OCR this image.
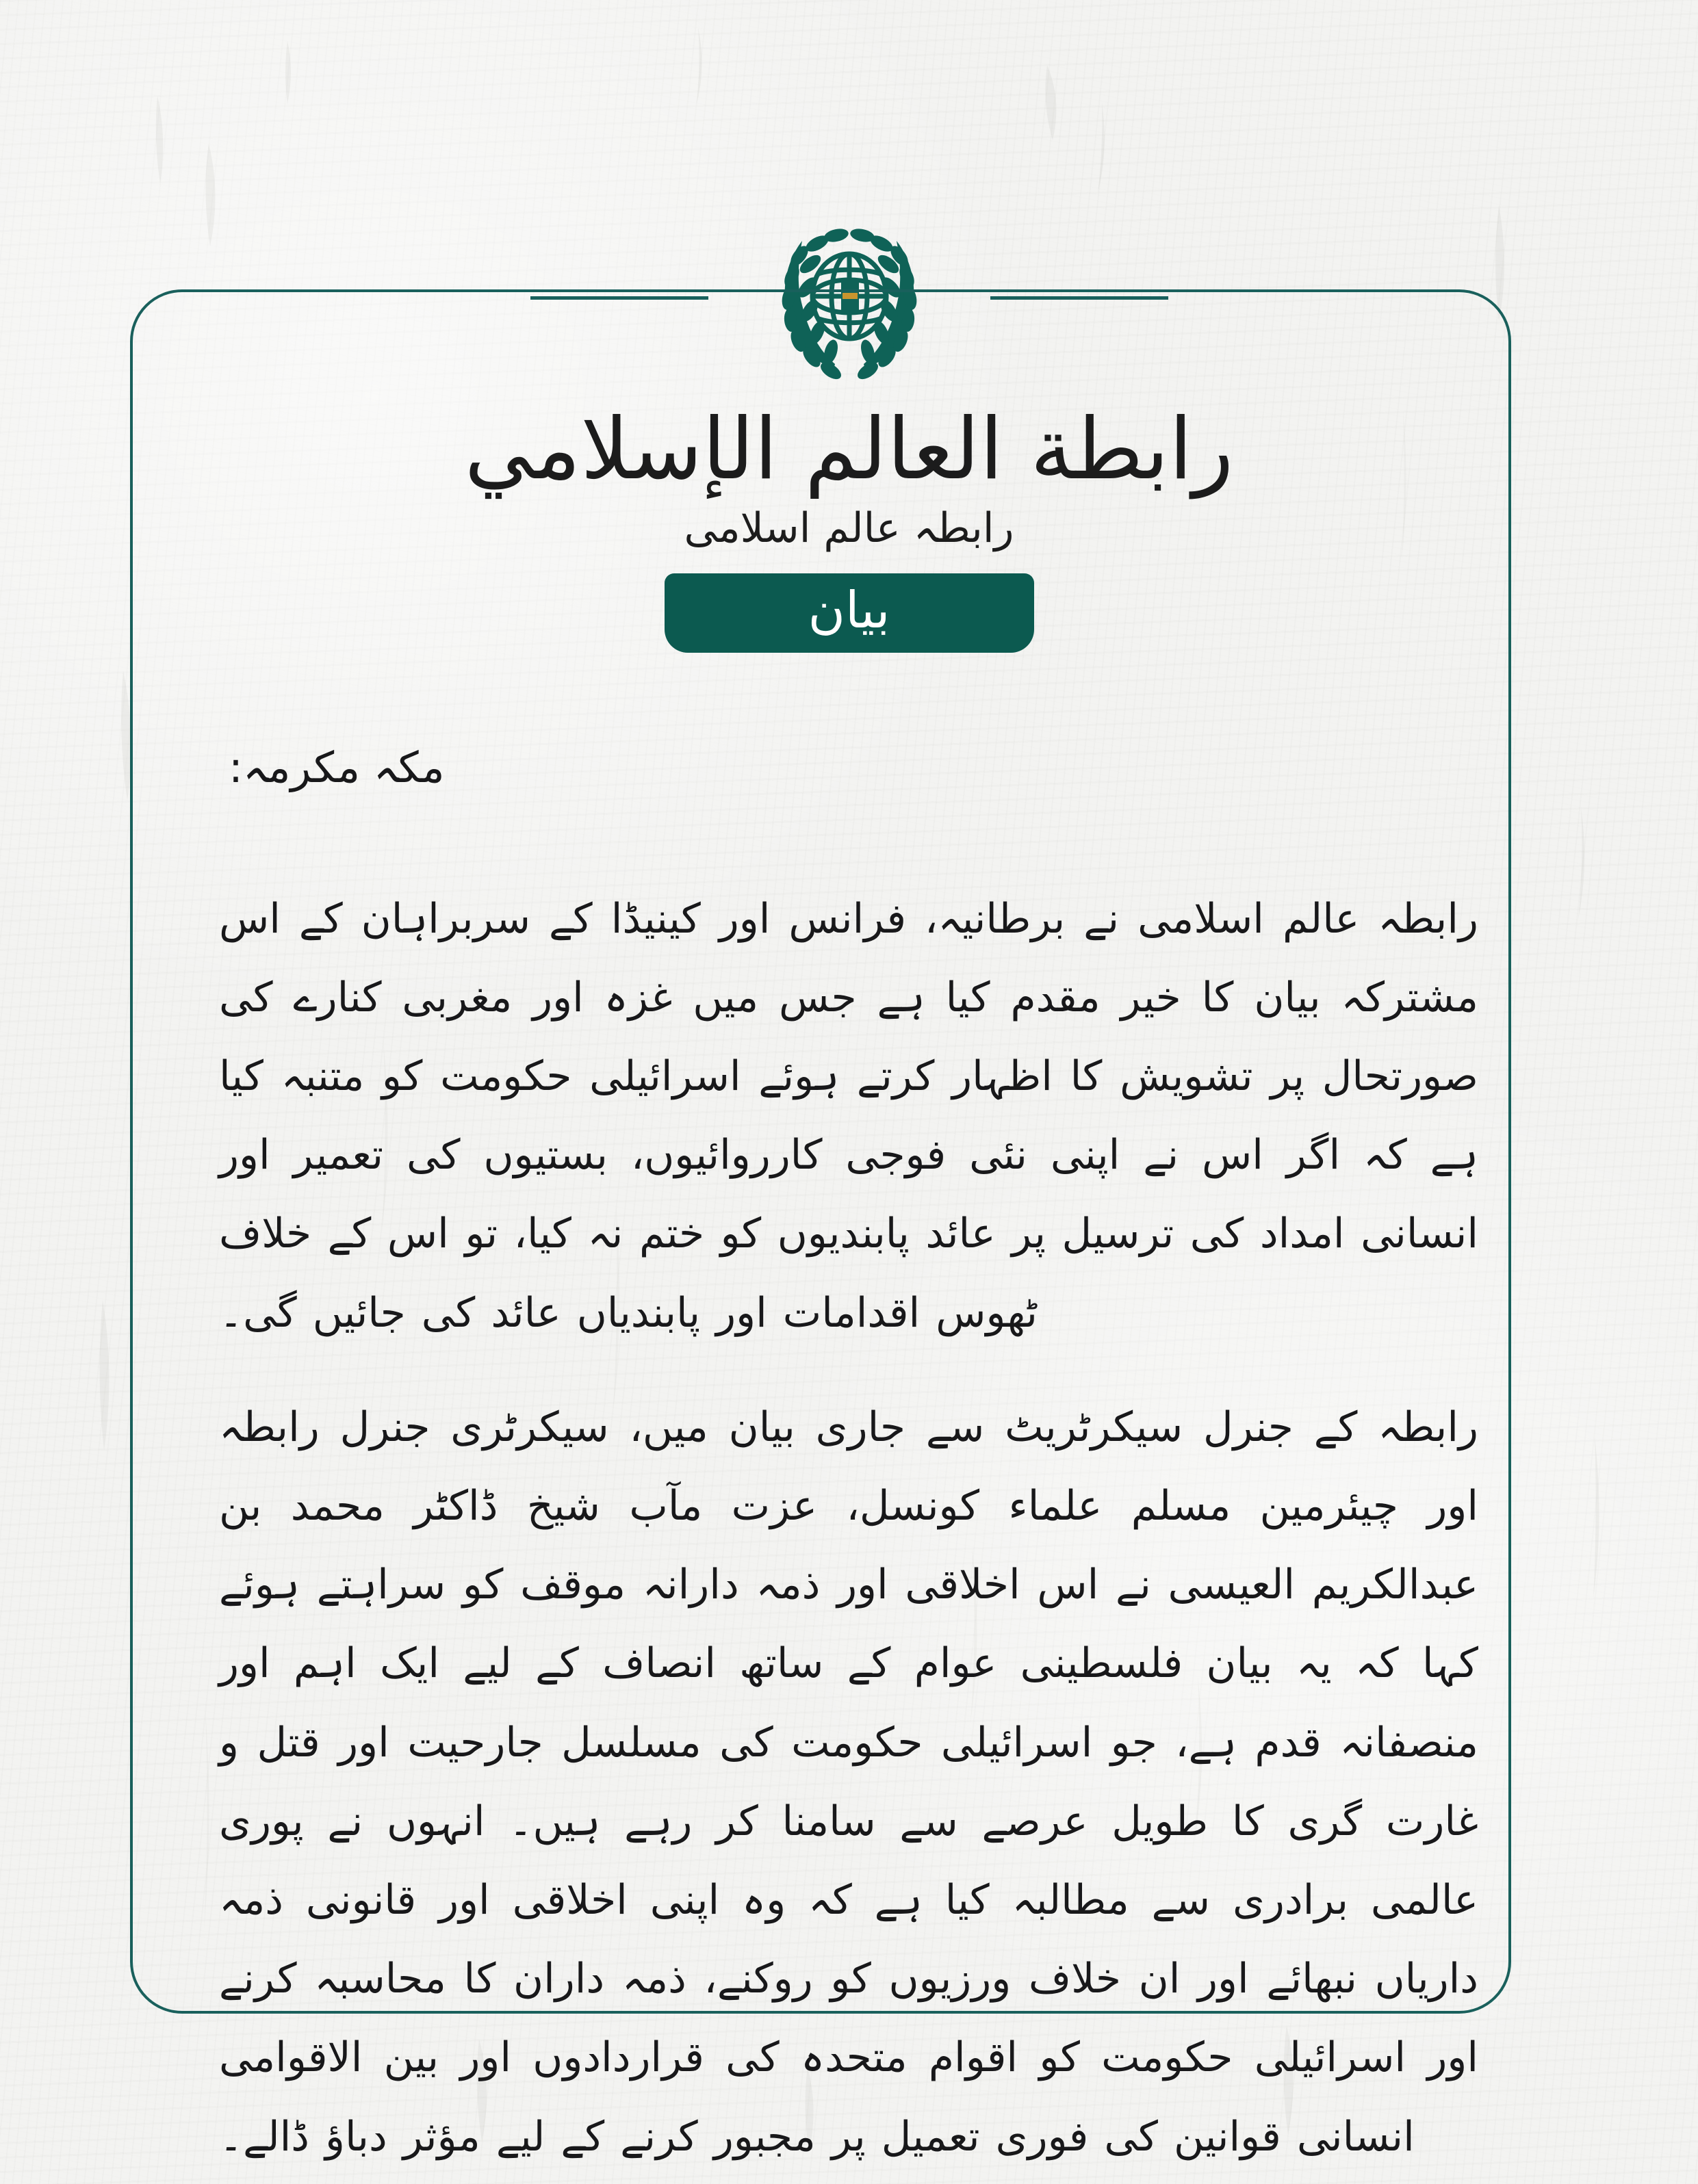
رابطة العالم الإسلامي
رابطہ عالم اسلامی
بیان
مکہ مکرمہ:

رابطہ عالم اسلامی نے برطانیہ، فرانس اور کینیڈا کے سربراہان کے اس مشترکہ بیان کا خیر مقدم کیا ہے جس میں غزہ اور مغربی کنارے کی صورتحال پر تشویش کا اظہار کرتے ہوئے اسرائیلی حکومت کو متنبہ کیا ہے کہ اگر اس نے اپنی نئی فوجی کارروائیوں، بستیوں کی تعمیر اور انسانی امداد کی ترسیل پر عائد پابندیوں کو ختم نہ کیا، تو اس کے خلاف ٹھوس اقدامات اور پابندیاں عائد کی جائیں گی۔

رابطہ کے جنرل سیکرٹریٹ سے جاری بیان میں، سیکرٹری جنرل رابطہ اور چیئرمین مسلم علماء کونسل، عزت مآب شیخ ڈاکٹر محمد بن عبدالکریم العیسی نے اس اخلاقی اور ذمہ دارانہ موقف کو سراہتے ہوئے کہا کہ یہ بیان فلسطینی عوام کے ساتھ انصاف کے لیے ایک اہم اور منصفانہ قدم ہے، جو اسرائیلی حکومت کی مسلسل جارحیت اور قتل و غارت گری کا طویل عرصے سے سامنا کر رہے ہیں۔ انہوں نے پوری عالمی برادری سے مطالبہ کیا ہے کہ وہ اپنی اخلاقی اور قانونی ذمہ داریاں نبھائے اور ان خلاف ورزیوں کو روکنے، ذمہ داران کا محاسبہ کرنے اور اسرائیلی حکومت کو اقوام متحدہ کی قراردادوں اور بین الاقوامی انسانی قوانین کی فوری تعمیل پر مجبور کرنے کے لیے مؤثر دباؤ ڈالے۔
